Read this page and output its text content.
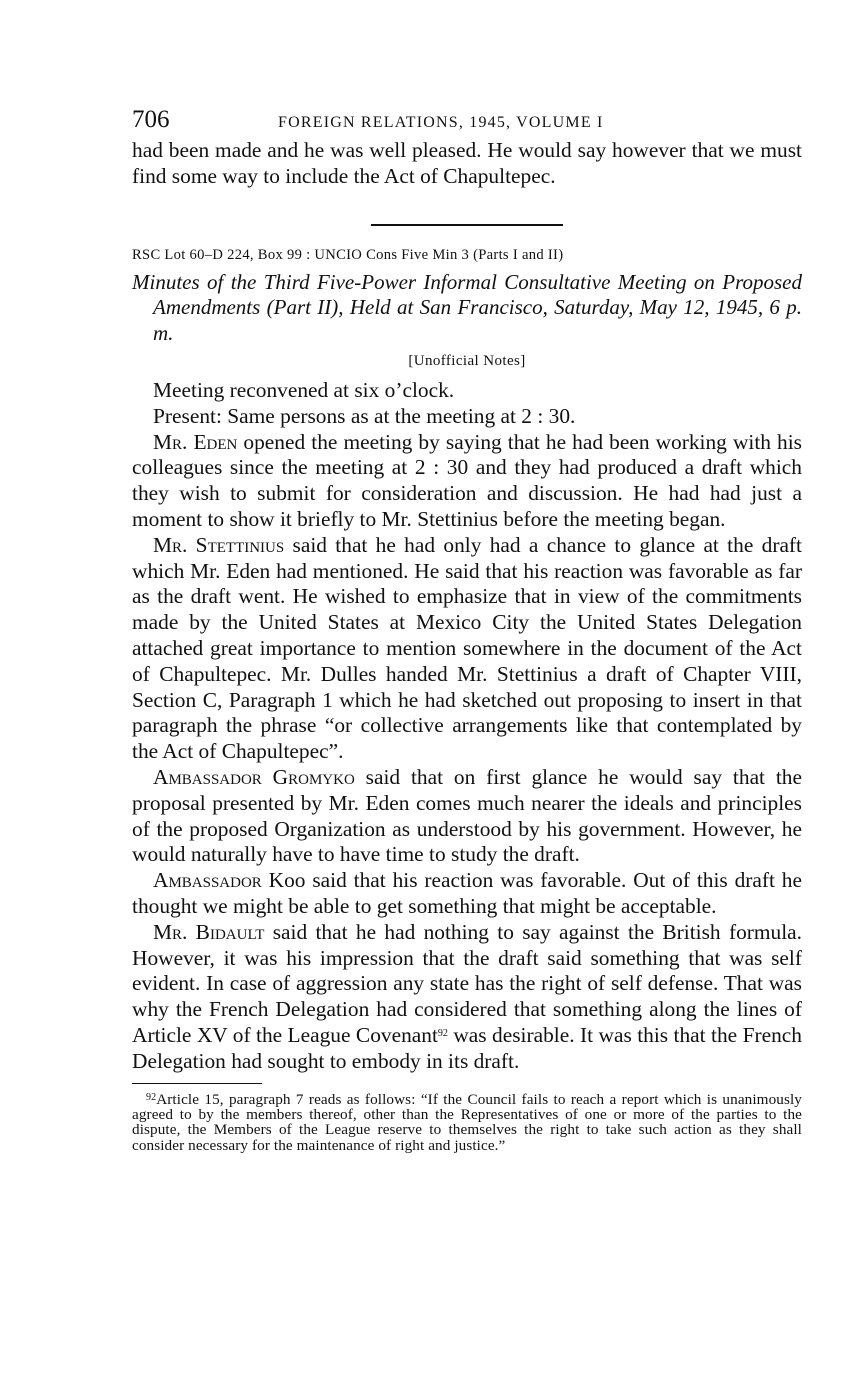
706	FOREIGN RELATIONS, 1945, VOLUME I

had been made and he was well pleased. He would say however that we must find some way to include the Act of Chapultepec.

RSC Lot 60–D 224, Box 99 : UNCIO Cons Five Min 3 (Parts I and II)

Minutes of the Third Five-Power Informal Consultative Meeting on Proposed Amendments (Part II), Held at San Francisco, Saturday, May 12, 1945, 6 p. m.

[Unofficial Notes]

Meeting reconvened at six o’clock.

Present: Same persons as at the meeting at 2 : 30.

Mr. Eden opened the meeting by saying that he had been working with his colleagues since the meeting at 2 : 30 and they had produced a draft which they wish to submit for consideration and discussion. He had had just a moment to show it briefly to Mr. Stettinius before the meeting began.

Mr. Stettinius said that he had only had a chance to glance at the draft which Mr. Eden had mentioned. He said that his reaction was favorable as far as the draft went. He wished to emphasize that in view of the commitments made by the United States at Mexico City the United States Delegation attached great importance to mention somewhere in the document of the Act of Chapultepec. Mr. Dulles handed Mr. Stettinius a draft of Chapter VIII, Section C, Paragraph 1 which he had sketched out proposing to insert in that paragraph the phrase “or collective arrangements like that contemplated by the Act of Chapultepec”.

Ambassador Gromyko said that on first glance he would say that the proposal presented by Mr. Eden comes much nearer the ideals and principles of the proposed Organization as understood by his government. However, he would naturally have to have time to study the draft.

Ambassador Koo said that his reaction was favorable. Out of this draft he thought we might be able to get something that might be acceptable.

Mr. Bidault said that he had nothing to say against the British formula. However, it was his impression that the draft said something that was self evident. In case of aggression any state has the right of self defense. That was why the French Delegation had considered that something along the lines of Article XV of the League Covenant$^{92}$ was desirable. It was this that the French Delegation had sought to embody in its draft.

$^{92}$Article 15, paragraph 7 reads as follows: “If the Council fails to reach a report which is unanimously agreed to by the members thereof, other than the Representatives of one or more of the parties to the dispute, the Members of the League reserve to themselves the right to take such action as they shall consider necessary for the maintenance of right and justice.”
